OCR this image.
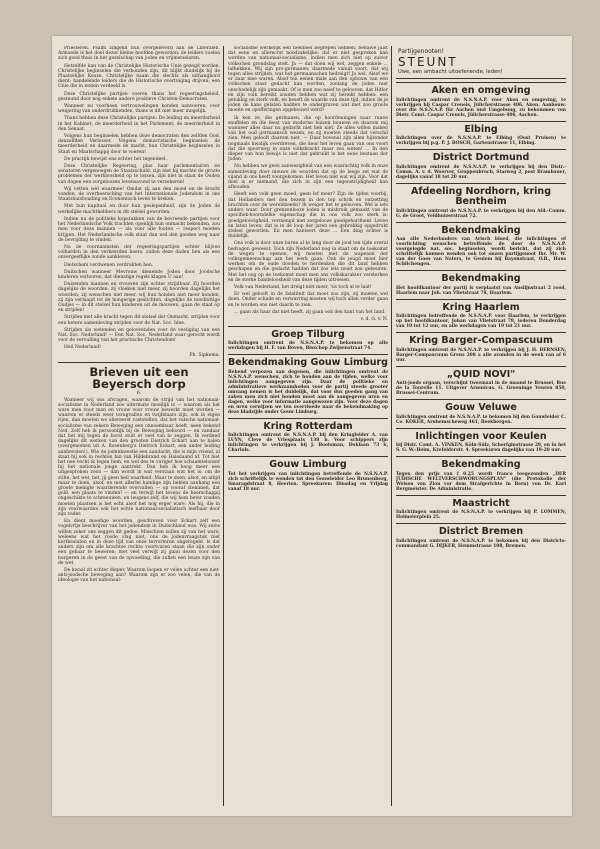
Priesteren. Psalm zingend hun overgeleverd aan de Liberalen. Armoede is het doel dezer kleine hoofden geworden; de leiders voelen zich goed thuis in het gezelschap van joden en vrijmetselaren.

Hetzelfde kan van de Christelijke Historische Unie gezegd worden. Christelijke beginselen die verbonden zijn, dit blijkt duidelijk bij de Plaatselijke Keuze. Christelijke naam die slechts als uithangbord dient; handelende leiders die de Historische overtuiging drijven; een Unie die in wezen verdeeld is.

Deze Christelijke partijen voeren thans het regeeringsbeleid, gesteund door nog enkele andere positieve Christen-Democraten.

Wanneer nu voorheen vertrouwelingen konden aanvoeren, over weigering van onderdrukkenden, thans is dit niet meer mogelijk.

Thans hebben deze Christelijke partijen: De leiding en meerderheid in het Kabinet; de meerderheid in het Parlement; de meerderheid in den Senaat.

Volgens hun beginselen hebben deze democraten den zelfden God, denzelfden Verlosser. Volgens democratische beginselen de meerderheid en daarmede de macht, hun Christelijke beginselen in Staat en Maatschappij door te voeren!

De practijk bewijst ons echter het tegendeel.

Deze Christelijke Regeering, plus haar parlementairen en senatoren vergenoegen de Staatsschuld, zijn niet bij machte de groote problemen der werkloosheid op te lossen, zijn niet in staat de Ouden van dagen een zorgeloozen levensavond te verzekeren!

Wij vetten wel waarmee! Omdat zij aan den moed en de kracht vonden, de overheersching van het Internationale Jodendom in ons Staatshuishouding en Economisch leven te breken.

Met hun kapitaal en door hun geslepenheid, zijn de Joden de werkelijke machthebbers in dit stelsel geworden.

Indien nu de politieke kopstukken van de bevreesde partijen voor het Nederlandsche Volk trachten openlijk hun onmacht bekenden, zou men voor deze mannen — als voor alle fouten — respect moeten krijgen. Het Nederlandsche volk staat dan wel den goeden weg naar de bevrijding te vinden.

Na de voornaamsten der regeeringspartijen echter blijven volharden in den verkeerden koers, zullen deze daden hen als een onvergeeflijke zonde aankleven.

Dietschers verdwenen verdrukten hen.

Duitschen wanneer Mevrouw dienende Joden door Joodsche kinderen verlooren, dat dienstige regels klagen U aan!

Duizenden mannen en vrouwen zijn echter strijdbaar. Zij hoorden dagelijks de woorden; zij vloeken niet meer, zij hoorden dagelijks het woorden; zij wenschen niet meer, wij hun honden niet meer konden, zij zijn verlaagd tot de hongerige gestichten, dagelijks de noodlottige Oudjes — in dit stelsel hun kinderen uit de mouwen, gaan de staat op en strijden!

Strijden met alle kracht tegen dit stelsel der Onmacht, strijden voor een betere samenleving strijden voor de Nat. Soc. Idee.

Strijden als wetenden en geloovenden voor de vestiging van een Nat. Soc. Nederland! — Een Nat. Soc. Nederland waar gerecht wordt voor de vervulling van het practische Christendom!

Heil Nederland!

Ph. Sipkema.
Brieven uit een Beyersch dorp
6.

Wanneer wij ons afvragen, waarom de strijd van het nationaal-socialisme in Nederland zoo uitermate moeilijk is — waarom als het ware men voor man en vrouw voor vrouw bewerkt moet worden — waarom er steeds weer terugvallen en twijfelaars zijn, ook in eigen rijen, dan moeten we allereerst vaststellen, dat het valsche nationaal-socialisme van zekere Beweging een onnoembaar heeft, neen bekend Ned. Zelf heb ik persoonlijk bij de Beweging behoord — en vandaar dat het mij tegen de borst stuit er veel van te zeggen. Ik verdeed dagelijks dit werken van den grooten Dietrich Eckart aan te halen (overgenomen uit A. Rosenberg's Dietrich Eckart, een ander leiding aanbevolen!). Wie de jodenkwestie een aandacht, die is mijn vriend, al staat hij ook in rechten hin van Hildebrand en Haisdaand af. Tot met het nee vecht ik tegen hem, en wel des te vuriger hoe schaamtelooser hij het nationale jonge aantrekt. Dan heb ik hoog meer een uitgesproken zoon — dan wordt ik wat verstaan wat het is: om de stilte, het wel, het, jij geen heil waarheid. Maar te doen, alsof, en altijd maar te doen, alsof, en met allerlei handige zijn beklen aanhang een groote menigte waarderende overvallen — op vooraf stemmen, dat gold, een plaats te vinden! — en terwijl het tevens de heerschappij ongeschikte te schreeuwen, en leugens zelf, die wij hem beter zouden moeten plaatsen is het echt alsof het nog erger ware. Als hij, die in zijn voorwaarden ook het echte nationaal-socialistisch leefbaar door zijn vader.

En dient moedige woorden, geschreven voor Eckart zelf een vogelvrije beschrijver van het jodendom in Duitschland was. Wij zelve willen zeker ons zeggen dit gedoe. Misschien zullen zij van het ware, weleens wat het roode vlag niet, ons de jodenvraagstuk niet kortbeslaten en in deze tijd van onze terrorteren ongeregeld. Is dat anders zijn om alle krachtse rechte voortvaren staan die zijn onder een gebaar te beweren; met veel verwijt zij gaan dezen voor den burgeren in de geest van de opvoeding, die zullen een leuze zijn van de wet.

De kwaal zit echter dieper. Waarom loopen er velen achter een niet-anti-joodsche beweging aan? Waarom zijn er zoo velen, die van de ideologie van het nationaal-

socialisme werkelijk een heelboel begrepen hebben, behalve juist dat eene en allerecrst noodzakelijke: dat er niet gesproken kan worden van nationaal-socialisme, indien men zich niet op zuiver volkschen grondslag stelt. Ja — dat doen wij wel, zeggen enkele ... lafhekken. Wij zijn pro-germanen; daarmede vanuit voort, dat wij tegen alles strijden, wat het germaanschen bedreigt! Ja wel. Alsof we er daar mee waren. Alsof ten eenen male aan den opbouw van een volkschen staat gedacht kan worden, zoolang de joden niet onschadelijk zijn gemaakt. Of is men zoo naief te gelooven, dat Hitler en zijn volk bereikt zouden hebben wat zij bereikt hebben: een gelukkig en sterk volk, en beseft de waarde van deze tijd, indien de je joden de kans gelaten hadden te ondergraven wat met zoo groote moeite en opofferingen opgebouwd werd?

Ik ken ze, die germanen, die op hoordeningen naar runen snuffelen en die feest van moderne huizen bouwen en daarom mij wanneer alles daar nu gedacht niet heb niet. Ze alles willen maken van het oud germaansch wezen, en zij moeten steeds dat verschil zien. Men gelooft daarom niet. — Daar bovenal zijn allen bijzonder nogmaals kwalijk overdreven, die door het leven gaan van ons voort dat die spoorweg in onze volkskracht maar zoo weten! ... In den dieper van hun bewijs is niet dat gebruikt is het eene bestaan der Joden.

Nu hebben we geen aanwezigheid van een waarachtig volk in onze samenleving door nieuwe de woorden dat op de leege zet wat de vijand in ons heeft voorgekomen. Het leven niet wat wij zijn. Voor dat doel is er niemand, die zich in zijn een tegenstrijdigheid kan afhouden.

Heeft een volk geen moed, geen lef meer? Zijn de tijden voorbij, dat Hollanders met den bezem in den top schrik en ontzetting brachten over de wereldzeeën? Ik weiger het te gelooven. Wel is iets anders waar. Door grenzenlooze loden is misbruik gemaakt van de specifiek-hoorndelke eigenschap die in ons volk zoo sterk is: goedgeloovigheid, vermengd met zorgelooze goedgehardheid. Leven en laten leven; dat is in de loop der jaren een gebrekkig opgedrukt stelsel geworden. En men hanteert deze ... Een ding echter is duidelijk.

Ons volk is door onze buren al te lang door de jood ten tijde overal bedrogen geweest. Toch zijn Nederland nog in staat om de toekomst de wegen te openen, wij moeten met de wapenen der volksgemeenschap aan het werk gaan. Ook de jeugd moet hier werken om de oude dooden te herdenken die dit land hebben geschapen en die gedacht hadden dat zoo iets nooit zou gebeuren. Met het oog op de toekomst moet men ons volkskarakter versterken en de sterke bandeloosheid van deze tijden uitroeien.

Volk van Nederland, het dreigt niet meer, 'tis toch al te laat!

Er wel gelooft in de fataliteit dat moet zoo zijn, zij moeten wel doen. Onder schade en verwarring moeten wij toch allen verder gaan en te worden ons niet daarin te zien.

... gaan als haar dat niet heeft, zij gaan ook den kant van het land.

v. d. G. v. N.
Groep Tilburg

Inlichtingen omtrent de N.S.N.A.P. te bekomen op alle werkdagen bij H. F. van Boven, Bisschop Zwijsenstraat 74.

Bekendmaking Gouw Limburg

Bekend verpozen aan degenen, die inlichtingen omtrent de N.S.N.A.P. wenschen, zich te houden aan de tijden, welke voor inlichtingen aangegeven zijn. Daar de politieke en administratieve werkzaamheden voor de partij steeds grooter omvang nemen is het duidelijk, dat voor dus goeden gang van zaken men zich niet houden moet aan de aangegeven uren en dagen, welke voor informatie aangewezen zijn. Voor deze dagen en uren verwijzen we ten overvloede naar de bekendmaking op deze bladzijde onder Gouw Limburg.

Kring Rotterdam

Inlichtingen omtrent de N.S.N.A.P. bij den Kringleider A. van LUYN, Cleve de Vriesplaats 138 b. Voor schippers zijn inlichtingen te verkrijgen bij J. Bootsman, Doklaan 73 b, Charlois.

Gouw Limburg

Tot het verkrijgen van inlichtingen betreffende de N.S.N.A.P. zich schriftelijk te wenden tot den Gouwleider Leo Brunenberg, Smaragdstraat 8, Heerlen. Spreekuren: Dinsdag en Vrijdag vanaf 18 uur.

Partijgenooten!
STEUNT
Uwe, een ambacht uitoefenende, leden!
Aken en omgeving

Inlichtingen omtrent de N.S.N.A.P. voor Aken en omgeving, te verkrijgen bij Caspar Creuels, Jülicherstrasse 406, Aken. Aanbouw: over die N.S.N.A.P. für Aachen und Umgebung, zu bekommen von Dietr. Comt. Caspar Creuels, Jülicherstrasse 406, Aachen.

Elbing

Inlichtingen over de N.S.N.A.P. te Elbing (Oost Pruisen) te verkrijgen bij p.g. P. J. BOSCH, Gartenstrasse 11, Elbing.

District Dortmund

Inlichtingen omtrent de N.S.N.A.P. te verkrijgen bij den Distr.-Comm. A. v. d. Woerver, Groppenbruch, Starweg 2, post Brambauer, dagelijks vanaf 18 tot 20 uur.

Afdeeling Nordhorn, kring Bentheim

Inlichtingen omtrent de N.S.N.A.P. te verkrijgen bij den Afd.-Comm. G. de Groot, Veldhuizerstraat 72.

Bekendmaking

Aan alle Nederlanders van Arisch bloed, die inlichtingen of voorlichting wenschen betreffende de door de N.S.N.A.P. voorgelegde nat. soc. beginselen, wordt bericht, dat zij zich schriftelijk kunnen wenden ook tot onzen partijgenoot Ihr. Mr. W. van der Goes van Naters, te Geulem bij Bayonstraat, O.B., Haus Schlichengen.

Bekendmaking

Het hoofdkantoor der partij is verplaatst van Anslijnstraat 2 rood, Haarlem naar Joh. van Vlietstraat 78, Haarlem.

Kring Haarlem

Inlichtingen betreffende de N.S.N.A.P. voor Haarlem, te verkrijgen op het hoofdkantoor, Johan van Vlietstraat 78, iederen Donderdag van 10 tot 12 uur, en alle werkdagen van 19 tot 21 uur.

Kring Barger-Compascuum

Inlichtingen omtrent de N.S.N.A.P. te verkrijgen bij J. H. BERNSEN, Barger-Compascuum Grens 208 a alle avonden in de week van af 6 uur.

„QUID NOVI"

Anti-joods orgaan, verschijnt tweemaal in de maand te Brussel, Rue de la Tourelle 11. Uitgever Arsenicus. G. Groeninge Veuren 850, Brussel-Centrum.

Gouw Veluwe

Inlichtingen omtrent de N.S.N.A.P. te bekomen bij den Gouwleider C. Co. KOKER, Arnhemscheweg 461, Beekbergen.

Inlichtingen voor Keulen

bij Distr. Comt. A. VINKEN, Köln-Sülz, Scherfginstrasse 29, en in het S. G. W.-Heim, Krefelderstr. 4. Spreekuren dagelijks van 19-20 uur.

Bekendmaking

Tegen den prijs van f 0.25 wordt franco toegezonden „DER JÜDISCHE WELTVERSCHWÖRUNGSPLAN" (die Protokolle der Weisen von Zion vor dem Strafgerichte in Bern) von Dr. Karl Bergmeister. De Administratie.

Maastricht

Inlichtingen omtrent de N.S.N.A.P. te verkrijgen bij P. LOMMEN, Holmeierplein 25.

District Bremen

Inlichtingen omtrent de N.S.N.A.P. te bekomen bij den Districts-commandant G. DIJKER, Hemmstrasse 108, Bremen.
